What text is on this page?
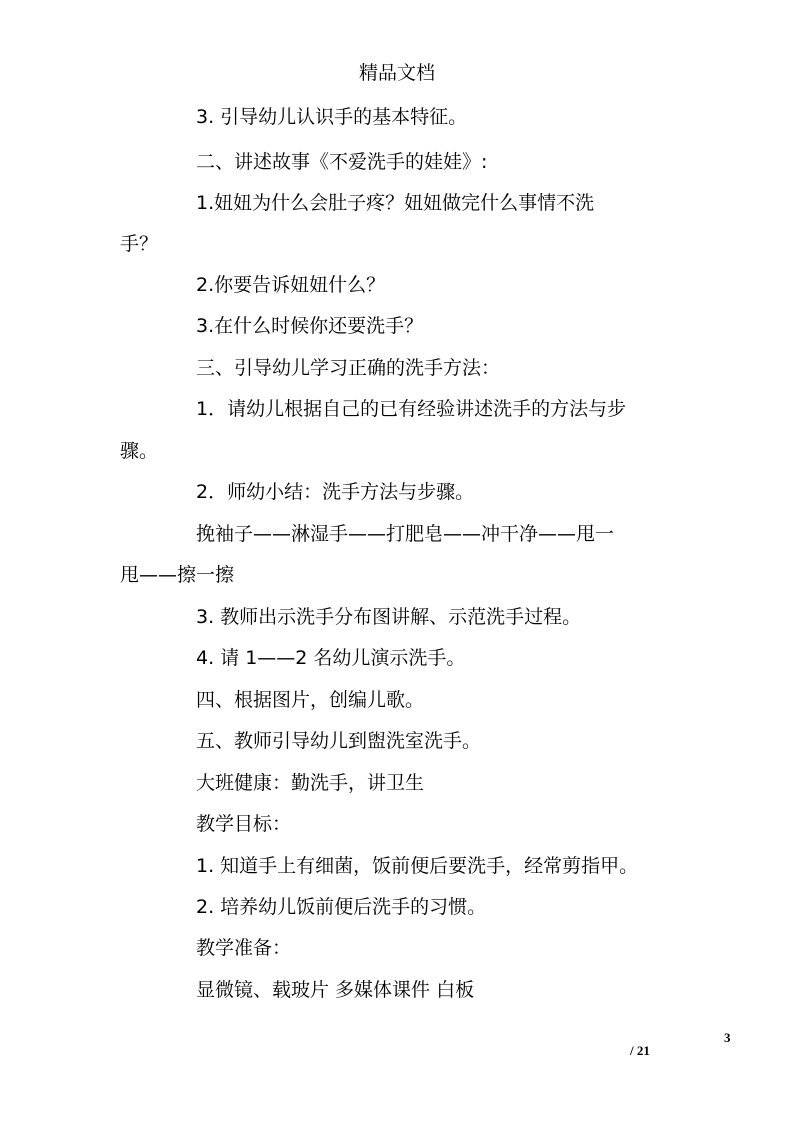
精品文档
3. 引导幼儿认识手的基本特征。
二、讲述故事《不爱洗手的娃娃》:
1.妞妞为什么会肚子疼？妞妞做完什么事情不洗
手？
2.你要告诉妞妞什么？
3.在什么时候你还要洗手？
三、引导幼儿学习正确的洗手方法：
1．请幼儿根据自己的已有经验讲述洗手的方法与步
骤。
2．师幼小结：洗手方法与步骤。
挽袖子——淋湿手——打肥皂——冲干净——甩一
甩——擦一擦
3. 教师出示洗手分布图讲解、示范洗手过程。
4. 请 1——2 名幼儿演示洗手。
四、根据图片，创编儿歌。
五、教师引导幼儿到盥洗室洗手。
大班健康：勤洗手，讲卫生
教学目标：
1. 知道手上有细菌，饭前便后要洗手，经常剪指甲。
2. 培养幼儿饭前便后洗手的习惯。
教学准备：
显微镜、载玻片 多媒体课件 白板
3
/ 21
